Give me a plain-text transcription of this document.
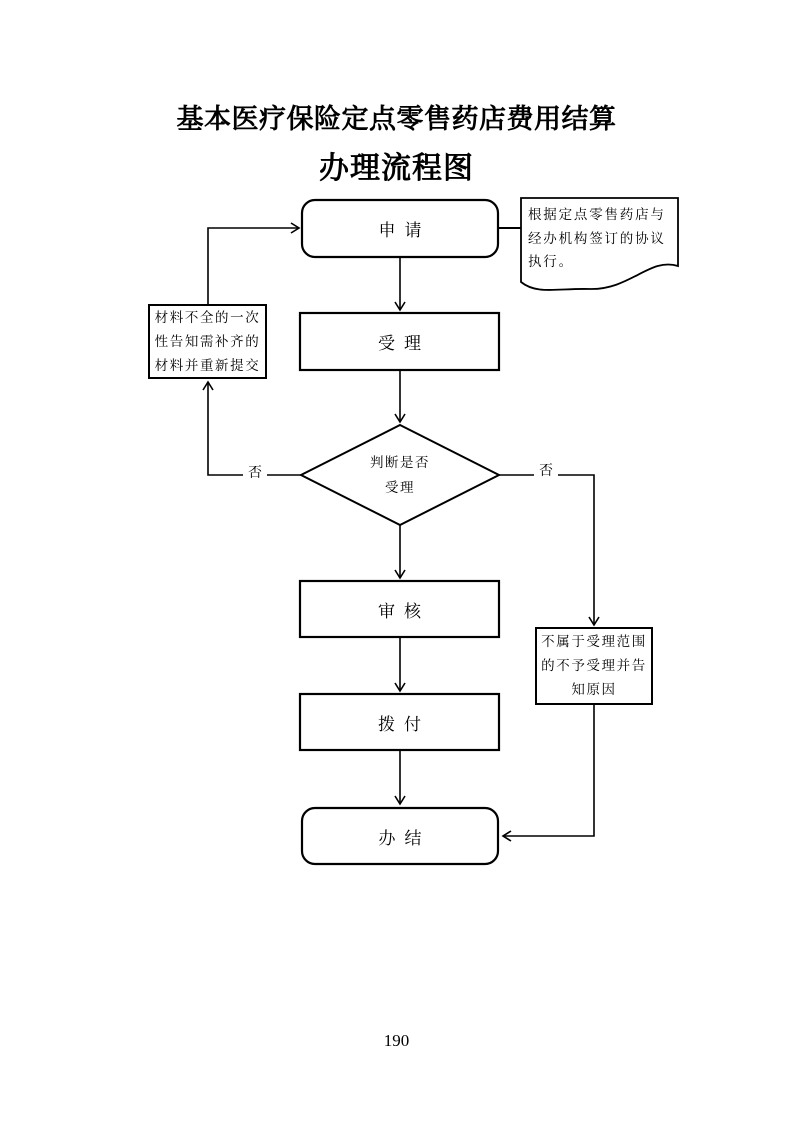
基本医疗保险定点零售药店费用结算
办理流程图
申请
受理
判断是否
受理
审核
拨付
办结
根据定点零售药店与
经办机构签订的协议
执行。
材料不全的一次
性告知需补齐的
材料并重新提交
不属于受理范围
的不予受理并告
知原因
否	否
190
